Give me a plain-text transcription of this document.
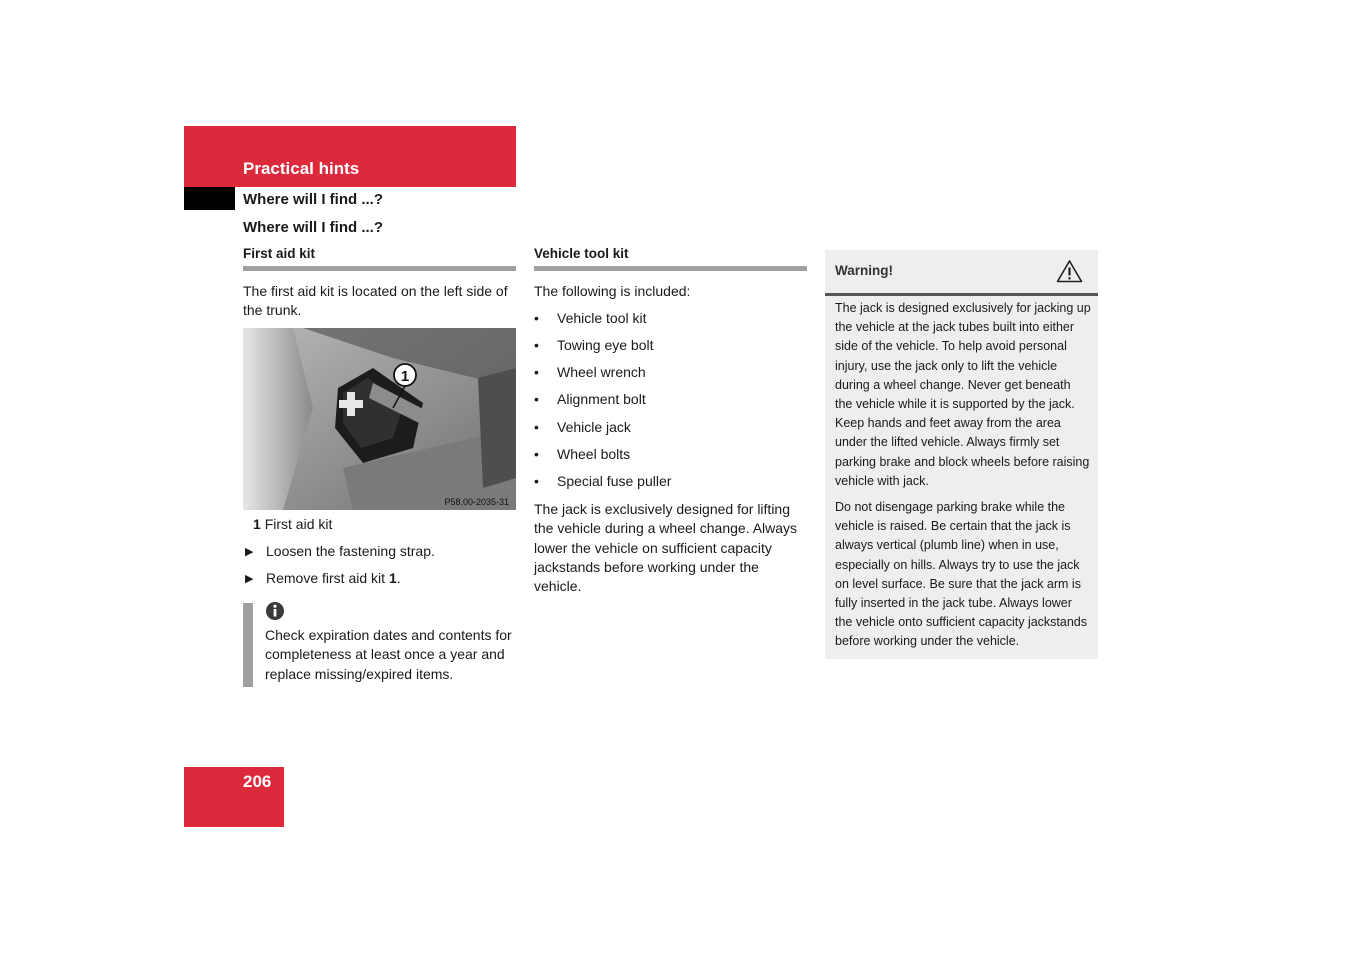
Practical hints
Where will I find ...?
Where will I find ...?
First aid kit
The first aid kit is located on the left side of the trunk.
1
P58.00-2035-31
1 First aid kit
▶ Loosen the fastening strap.
▶ Remove first aid kit 1.
Check expiration dates and contents for completeness at least once a year and replace missing/expired items.
Vehicle tool kit
The following is included:
• Vehicle tool kit
• Towing eye bolt
• Wheel wrench
• Alignment bolt
• Vehicle jack
• Wheel bolts
• Special fuse puller
The jack is exclusively designed for lifting the vehicle during a wheel change. Always lower the vehicle on sufficient capacity jackstands before working under the vehicle.
Warning!
The jack is designed exclusively for jacking up the vehicle at the jack tubes built into either side of the vehicle. To help avoid personal injury, use the jack only to lift the vehicle during a wheel change. Never get beneath the vehicle while it is supported by the jack. Keep hands and feet away from the area under the lifted vehicle. Always firmly set parking brake and block wheels before raising vehicle with jack.
Do not disengage parking brake while the vehicle is raised. Be certain that the jack is always vertical (plumb line) when in use, especially on hills. Always try to use the jack on level surface. Be sure that the jack arm is fully inserted in the jack tube. Always lower the vehicle onto sufficient capacity jackstands before working under the vehicle.
206
